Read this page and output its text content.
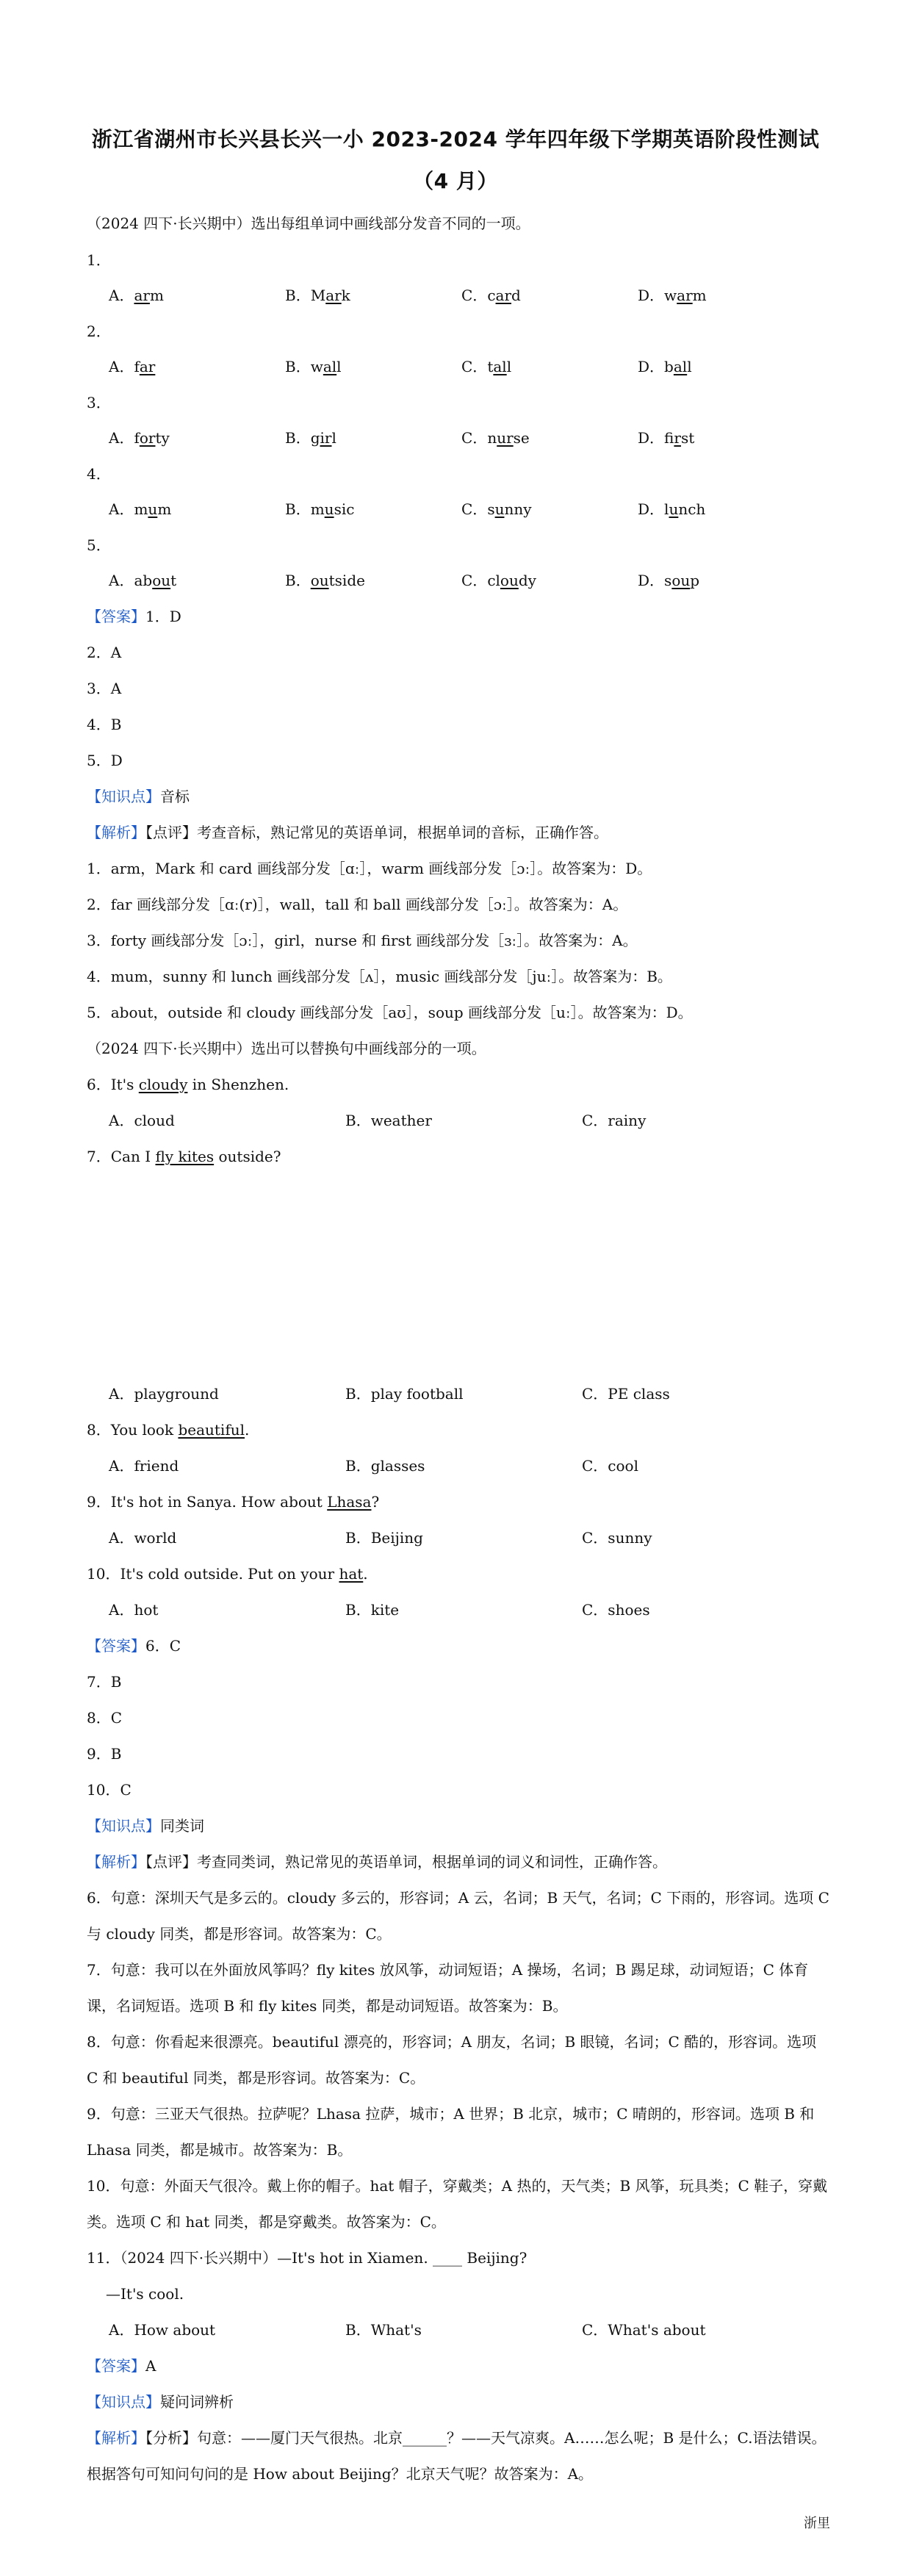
浙江省湖州市长兴县长兴一小 2023-2024 学年四年级下学期英语阶段性测试
（4 月）
（2024 四下·长兴期中）选出每组单词中画线部分发音不同的一项。
1．
A．arm	B．Mark	C．card	D．warm
2．
A．far	B．wall	C．tall	D．ball
3．
A．forty	B．girl	C．nurse	D．first
4．
A．mum	B．music	C．sunny	D．lunch
5．
A．about	B．outside	C．cloudy	D．soup
【答案】1．D
2．A
3．A
4．B
5．D
【知识点】音标
【解析】【点评】考查音标，熟记常见的英语单词，根据单词的音标，正确作答。
1．arm，Mark 和 card 画线部分发［ɑː］，warm 画线部分发［ɔː］。故答案为：D。
2．far 画线部分发［ɑː(r)］，wall，tall 和 ball 画线部分发［ɔː］。故答案为：A。
3．forty 画线部分发［ɔː］，girl，nurse 和 first 画线部分发［ɜː］。故答案为：A。
4．mum，sunny 和 lunch 画线部分发［ʌ］，music 画线部分发［juː］。故答案为：B。
5．about，outside 和 cloudy 画线部分发［aʊ］，soup 画线部分发［uː］。故答案为：D。
（2024 四下·长兴期中）选出可以替换句中画线部分的一项。
6．It's cloudy in Shenzhen.
A．cloud	B．weather	C．rainy
7．Can I fly kites outside?
A．playground	B．play football	C．PE class
8．You look beautiful.
A．friend	B．glasses	C．cool
9．It's hot in Sanya. How about Lhasa?
A．world	B．Beijing	C．sunny
10．It's cold outside. Put on your hat.
A．hot	B．kite	C．shoes
【答案】6．C
7．B
8．C
9．B
10．C
【知识点】同类词
【解析】【点评】考查同类词，熟记常见的英语单词，根据单词的词义和词性，正确作答。
6．句意：深圳天气是多云的。cloudy 多云的，形容词；A 云，名词；B 天气，名词；C 下雨的，形容词。选项 C 与 cloudy 同类，都是形容词。故答案为：C。
7．句意：我可以在外面放风筝吗？fly kites 放风筝，动词短语；A 操场，名词；B 踢足球，动词短语；C 体育课，名词短语。选项 B 和 fly kites 同类，都是动词短语。故答案为：B。
8．句意：你看起来很漂亮。beautiful 漂亮的，形容词；A 朋友，名词；B 眼镜，名词；C 酷的，形容词。选项 C 和 beautiful 同类，都是形容词。故答案为：C。
9．句意：三亚天气很热。拉萨呢？Lhasa 拉萨，城市；A 世界；B 北京，城市；C 晴朗的，形容词。选项 B 和 Lhasa 同类，都是城市。故答案为：B。
10．句意：外面天气很冷。戴上你的帽子。hat 帽子，穿戴类；A 热的，天气类；B 风筝，玩具类；C 鞋子，穿戴类。选项 C 和 hat 同类，都是穿戴类。故答案为：C。
11．（2024 四下·长兴期中）—It's hot in Xiamen. ____ Beijing?
—It's cool.
A．How about	B．What's	C．What's about
【答案】A
【知识点】疑问词辨析
【解析】【分析】句意：——厦门天气很热。北京______？——天气凉爽。A……怎么呢；B 是什么；C.语法错误。根据答句可知问句问的是 How about Beijing？北京天气呢？故答案为：A。
浙里
